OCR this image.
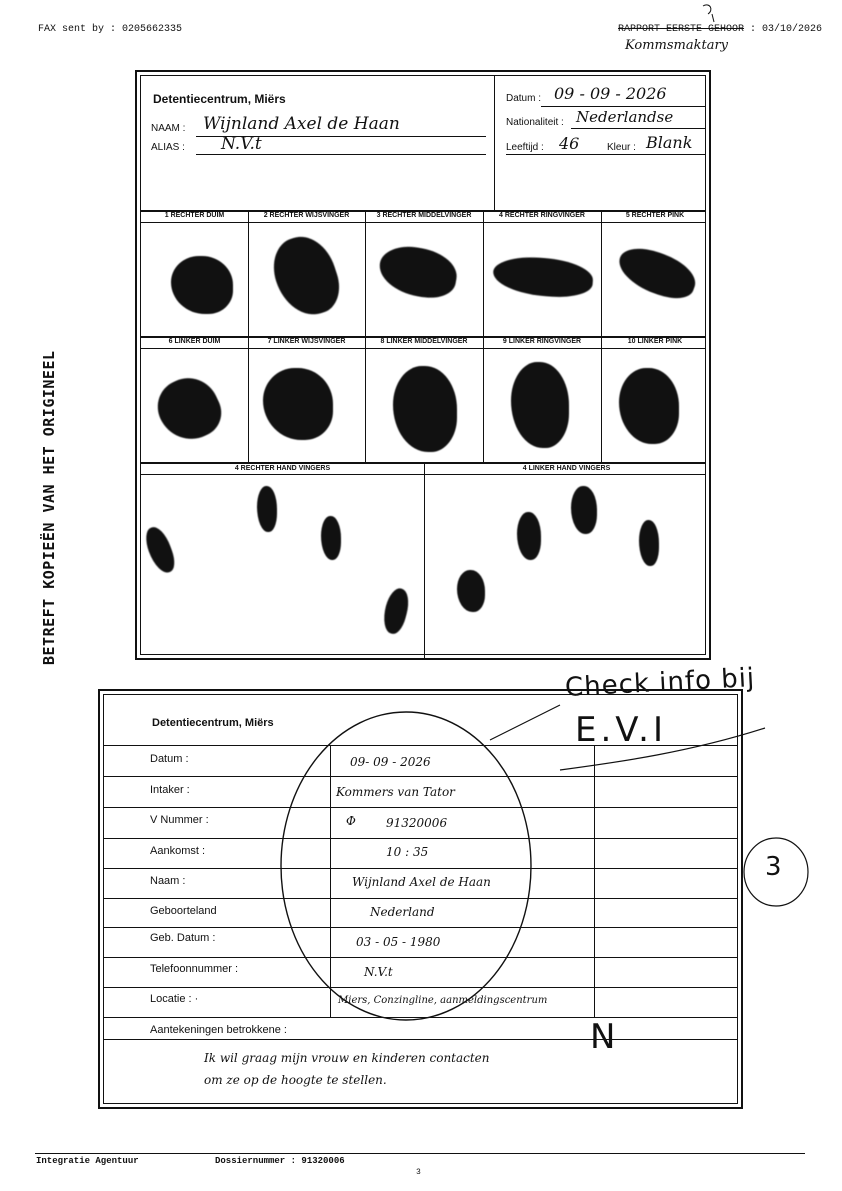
FAX sent by : 0205662335	RAPPORT EERSTE GEHOOR : 03/10/2026
Kommsmaktary
Detentiecentrum, Miërs
NAAM : Wijnland Axel de Haan
ALIAS : N.V.t
Datum : 09 - 09 - 2026
Nationaliteit : Nederlandse
Leeftijd : 46	Kleur : Blank
1 RECHTER DUIM	2 RECHTER WIJSVINGER	3 RECHTER MIDDELVINGER	4 RECHTER RINGVINGER	5 RECHTER PINK
6 LINKER DUIM	7 LINKER WIJSVINGER	8 LINKER MIDDELVINGER	9 LINKER RINGVINGER	10 LINKER PINK
4 RECHTER HAND VINGERS	4 LINKER HAND VINGERS
BETREFT KOPIEËN VAN HET ORIGINEEL
Detentiecentrum, Miërs
Datum :	09- 09 - 2026
Intaker :	Kommers van Tator
V Nummer :	Φ	91320006
Aankomst :	10 : 35
Naam :	Wijnland Axel de Haan
Geboorteland	Nederland
Geb. Datum :	03 - 05 - 1980
Telefoonnummer :	N.V.t
Locatie : ·	Miers, Conzingline, aanmeldingscentrum
Aantekeningen betrokkene :
Ik wil graag mijn vrouw en kinderen contacten om ze op de hoogte te stellen.
Check info bij
E.V.I
3
N
Integratie Agentuur	Dossiernummer : 91320006
3
